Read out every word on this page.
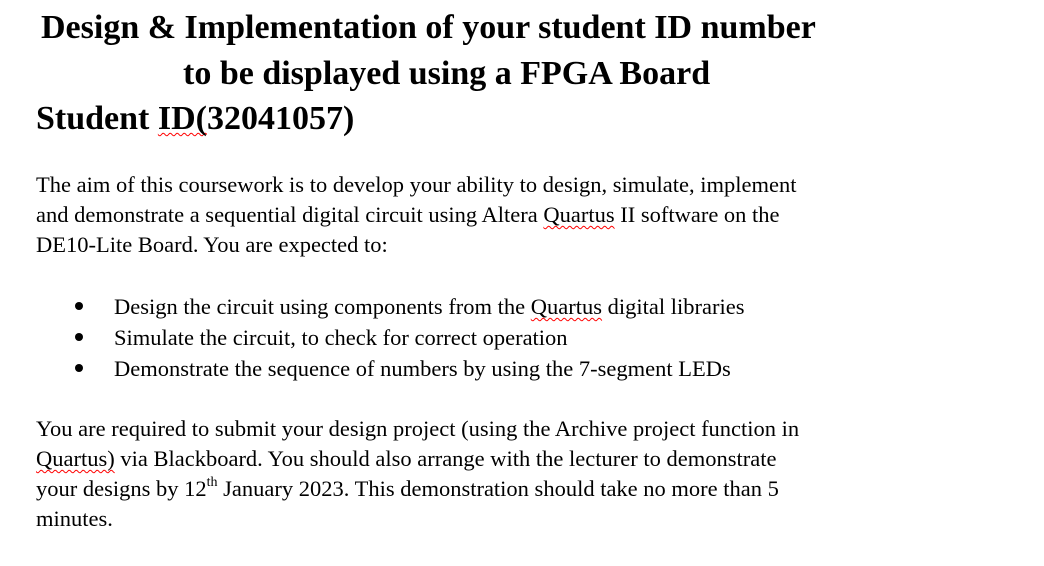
Design & Implementation of your student ID number
to be displayed using a FPGA Board
Student ID(32041057)

The aim of this coursework is to develop your ability to design, simulate, implement
and demonstrate a sequential digital circuit using Altera Quartus II software on the
DE10-Lite Board. You are expected to:

Design the circuit using components from the Quartus digital libraries
Simulate the circuit, to check for correct operation
Demonstrate the sequence of numbers by using the 7-segment LEDs

You are required to submit your design project (using the Archive project function in
Quartus) via Blackboard. You should also arrange with the lecturer to demonstrate
your designs by 12th January 2023. This demonstration should take no more than 5
minutes.
